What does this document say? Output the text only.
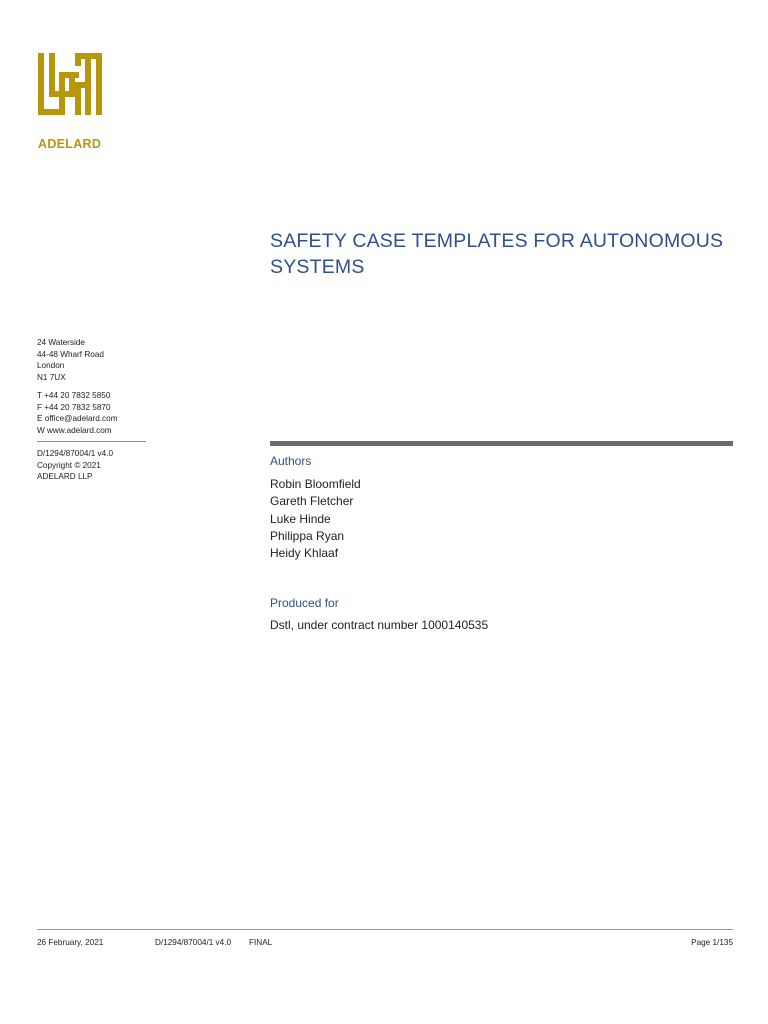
ADELARD
SAFETY CASE TEMPLATES FOR AUTONOMOUS SYSTEMS
24 Waterside
44-48 Wharf Road
London
N1 7UX
T +44 20 7832 5850
F +44 20 7832 5870
E office@adelard.com
W www.adelard.com
D/1294/87004/1 v4.0
Copyright © 2021
ADELARD LLP
Authors
Robin Bloomfield
Gareth Fletcher
Luke Hinde
Philippa Ryan
Heidy Khlaaf
Produced for
Dstl, under contract number 1000140535
26 February, 2021	D/1294/87004/1 v4.0 FINAL	Page 1/135
